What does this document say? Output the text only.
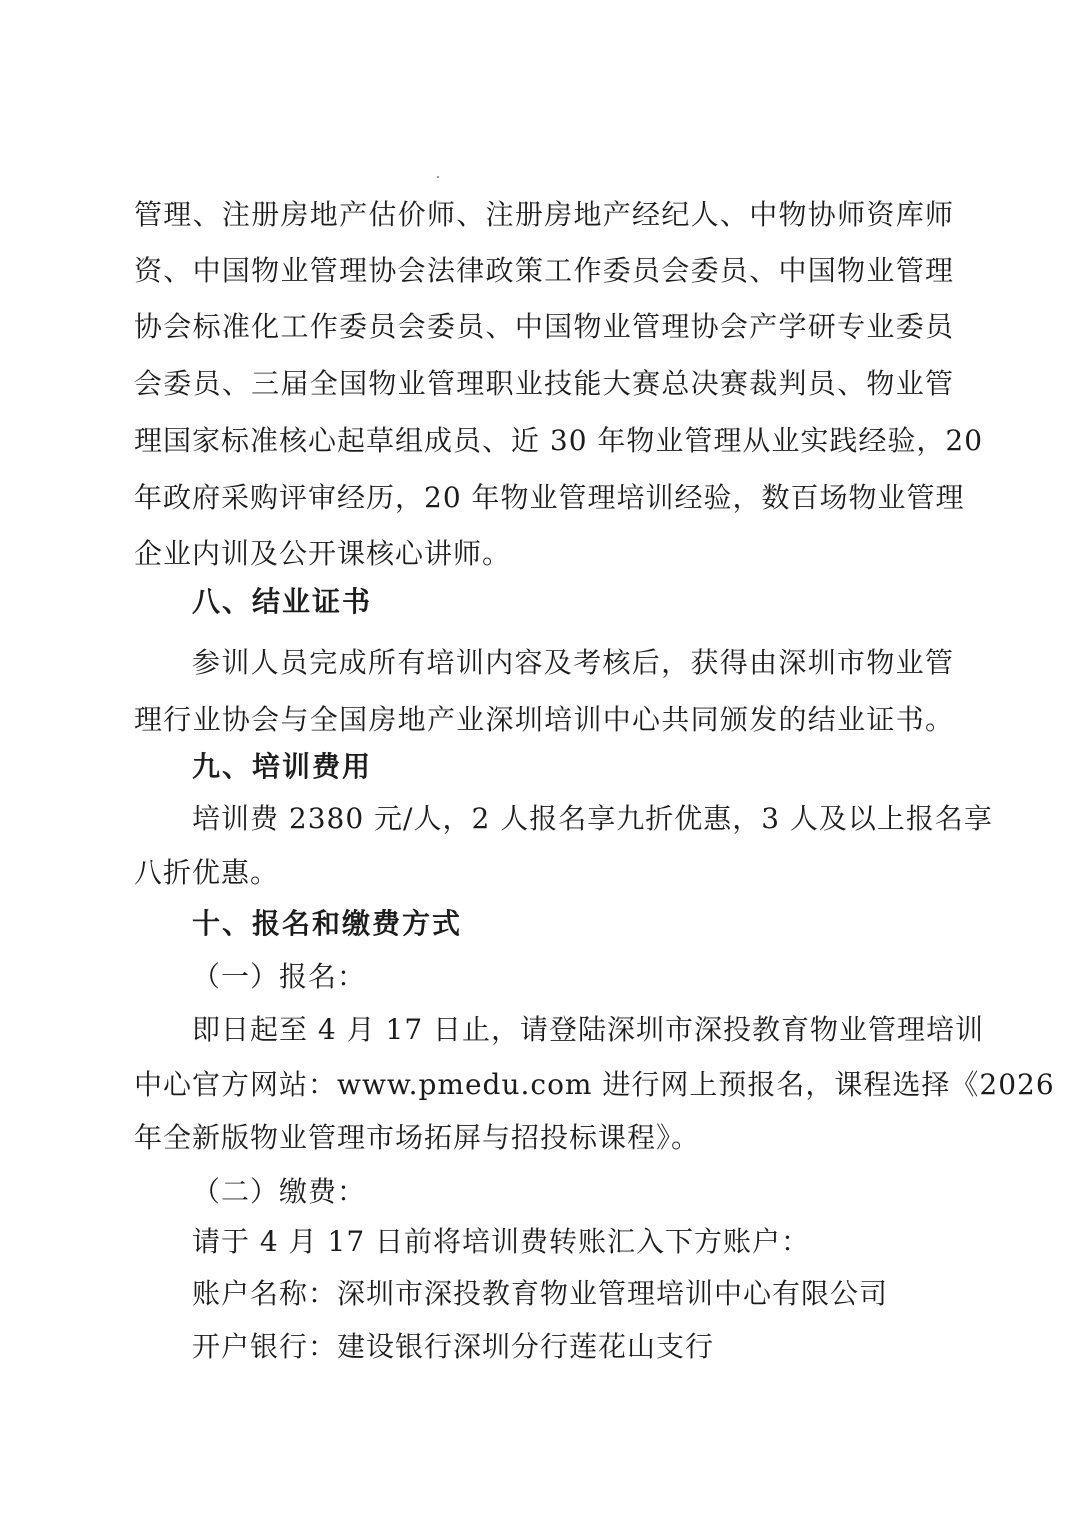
管理、注册房地产估价师、注册房地产经纪人、中物协师资库师
资、中国物业管理协会法律政策工作委员会委员、中国物业管理
协会标准化工作委员会委员、中国物业管理协会产学研专业委员
会委员、三届全国物业管理职业技能大赛总决赛裁判员、物业管
理国家标准核心起草组成员、近 30 年物业管理从业实践经验，20
年政府采购评审经历，20 年物业管理培训经验，数百场物业管理
企业内训及公开课核心讲师。
八、结业证书
参训人员完成所有培训内容及考核后，获得由深圳市物业管
理行业协会与全国房地产业深圳培训中心共同颁发的结业证书。
九、培训费用
培训费 2380 元/人，2 人报名享九折优惠，3 人及以上报名享
八折优惠。
十、报名和缴费方式
（一）报名：
即日起至 4 月 17 日止，请登陆深圳市深投教育物业管理培训
中心官方网站：www.pmedu.com 进行网上预报名，课程选择《2026
年全新版物业管理市场拓屏与招投标课程》。
（二）缴费：
请于 4 月 17 日前将培训费转账汇入下方账户：
账户名称：深圳市深投教育物业管理培训中心有限公司
开户银行：建设银行深圳分行莲花山支行
